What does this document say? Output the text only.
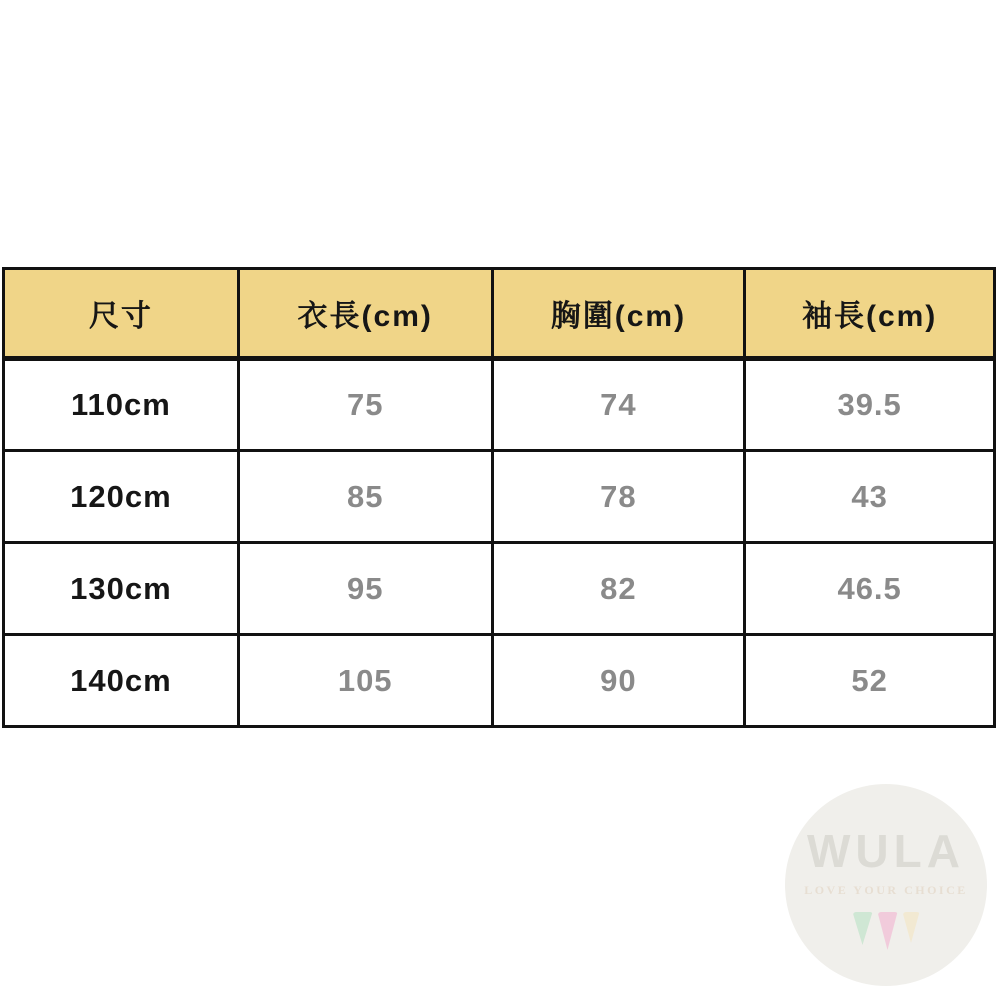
尺寸	衣長(cm)	胸圍(cm)	袖長(cm)
110cm	75	74	39.5
120cm	85	78	43
130cm	95	82	46.5
140cm	105	90	52
WULA
LOVE YOUR CHOICE
